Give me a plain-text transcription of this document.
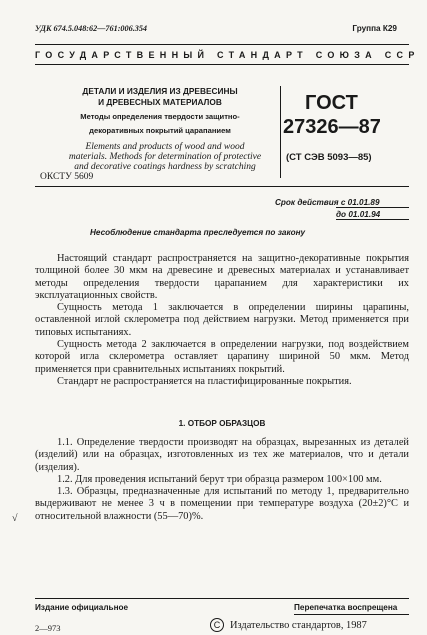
УДК 674.5.048:62—761:006.354	Группа К29
ГОСУДАРСТВЕННЫЙ СТАНДАРТ СОЮЗА ССР
ДЕТАЛИ И ИЗДЕЛИЯ ИЗ ДРЕВЕСИНЫ
И ДРЕВЕСНЫХ МАТЕРИАЛОВ
Методы определения твердости защитно-
декоративных покрытий царапанием
Elements and products of wood and wood
materials. Methods for determination of protective
and decorative coatings hardness by scratching
ОКСТУ 5609
ГОСТ
27326—87
(СТ СЭВ 5093—85)
Срок действия с 01.01.89
до 01.01.94
Несоблюдение стандарта преследуется по закону

Настоящий стандарт распространяется на защитно-декоративные покрытия толщиной более 30 мкм на древесине и древесных материалах и устанавливает методы определения твердости царапанием для характеристики их эксплуатационных свойств.

Сущность метода 1 заключается в определении ширины царапины, оставленной иглой склерометра под действием нагрузки. Метод применяется при типовых испытаниях.

Сущность метода 2 заключается в определении нагрузки, под воздействием которой игла склерометра оставляет царапину шириной 50 мкм. Метод применяется при сравнительных испытаниях покрытий.

Стандарт не распространяется на пластифицированные покрытия.

1. ОТБОР ОБРАЗЦОВ

1.1. Определение твердости производят на образцах, вырезанных из деталей (изделий) или на образцах, изготовленных из тех же материалов, что и детали (изделия).

1.2. Для проведения испытаний берут три образца размером 100×100 мм.

1.3. Образцы, предназначенные для испытаний по методу 1, предварительно выдерживают не менее 3 ч в помещении при температуре воздуха (20±2)°С и относительной влажности (55—70)%.

√
Издание официальное	Перепечатка воспрещена
С Издательство стандартов, 1987
2—973
